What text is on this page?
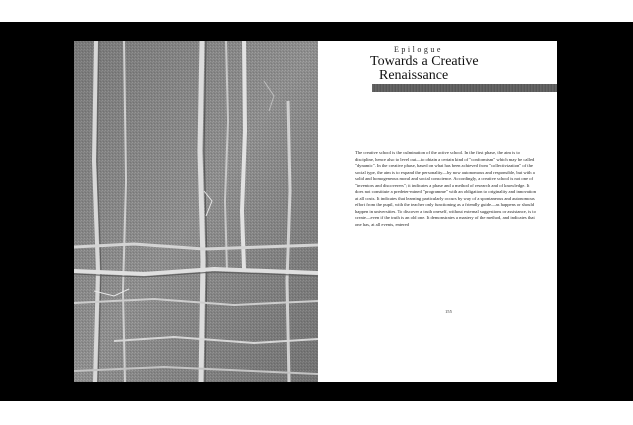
Epilogue
Towards a Creative
Renaissance

The creative school is the culmination of the active school. In the first phase, the aim is to discipline, hence also to level out—to obtain a certain kind of "conformism" which may be called "dynamic". In the creative phase, based on what has been achieved from "collectivization" of the social type, the aim is to expand the personality—by now autonomous and responsible, but with a solid and homogeneous moral and social conscience. Accordingly, a creative school is not one of "inventors and discoverers"; it indicates a phase and a method of research and of knowledge. It does not constitute a predeter-mined "programme" with an obligation to originality and innovation at all costs. It indicates that learning particularly occurs by way of a spontaneous and autonomous effort from the pupil, with the teacher only functioning as a friendly guide—as happens or should happen in universities. To discover a truth oneself, without external suggestions or assistance, is to create—even if the truth is an old one. It demonstrates a mastery of the method, and indicates that one has, at all events, entered

155
